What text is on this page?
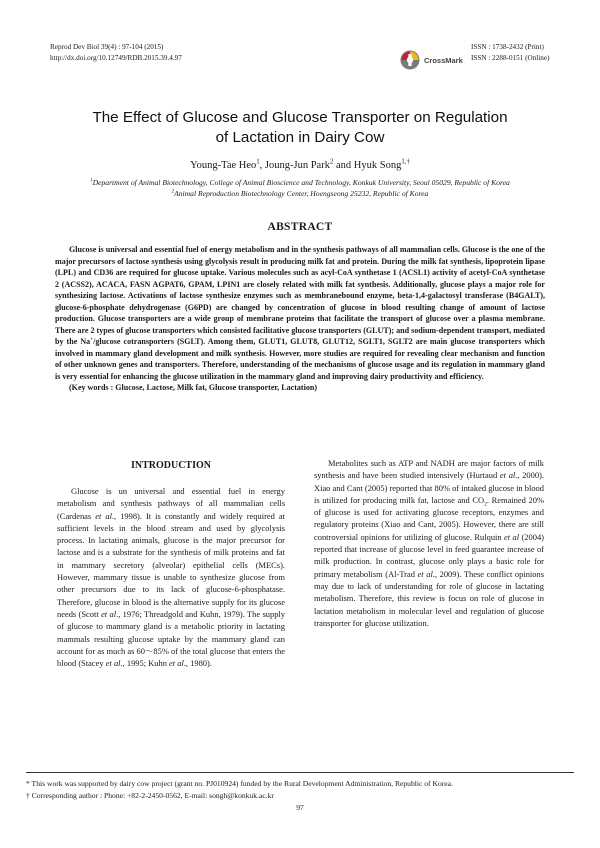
Reprod Dev Biol 39(4) : 97-104 (2015)
http://dx.doi.org/10.12749/RDB.2015.39.4.97	CrossMark
ISSN : 1738-2432 (Print)
ISSN : 2288-0151 (Online)
The Effect of Glucose and Glucose Transporter on Regulation
of Lactation in Dairy Cow
Young-Tae Heo$^1$, Joung-Jun Park$^2$ and Hyuk Song$^{1,\dagger}$
$^1$Department of Animal Biotechnology, College of Animal Bioscience and Technology, Konkuk University, Seoul 05029, Republic of Korea
$^2$Animal Reproduction Biotechnology Center, Hoengseong 25232, Republic of Korea
ABSTRACT

Glucose is universal and essential fuel of energy metabolism and in the synthesis pathways of all mammalian cells. Glucose is the one of the major precursors of lactose synthesis using glycolysis result in producing milk fat and protein. During the milk fat synthesis, lipoprotein lipase (LPL) and CD36 are required for glucose uptake. Various molecules such as acyl-CoA synthetase 1 (ACSL1) activity of acetyl-CoA synthetase 2 (ACSS2), ACACA, FASN AGPAT6, GPAM, LPIN1 are closely related with milk fat synthesis. Additionally, glucose plays a major role for synthesizing lactose. Activations of lactose synthesize enzymes such as membranebound enzyme, beta-1,4-galactosyl transferase (B4GALT), glucose-6-phosphate dehydrogenase (G6PD) are changed by concentration of glucose in blood resulting change of amount of lactose production. Glucose transporters are a wide group of membrane proteins that facilitate the transport of glucose over a plasma membrane. There are 2 types of glucose transporters which consisted facilitative glucose transporters (GLUT); and sodium-dependent transport, mediated by the Na+/glucose cotransporters (SGLT). Among them, GLUT1, GLUT8, GLUT12, SGLT1, SGLT2 are main glucose transporters which involved in mammary gland development and milk synthesis. However, more studies are required for revealing clear mechanism and function of other unknown genes and transporters. Therefore, understanding of the mechanisms of glucose usage and its regulation in mammary gland is very essential for enhancing the glucose utilization in the mammary gland and improving dairy productivity and efficiency.

(Key words : Glucose, Lactose, Milk fat, Glucose transporter, Lactation)

INTRODUCTION

Glucose is un universal and essential fuel in energy metabolism and synthesis pathways of all mammalian cells (Cardenas et al., 1998). It is constantly and widely required at sufficient levels in the blood stream and used by glycolysis process. In lactating animals, glucose is the major precursor for lactose and is a substrate for the synthesis of milk proteins and fat in mammary secretory (alveolar) epithelial cells (MECs). However, mammary tissue is unable to synthesize glucose from other precursors due to its lack of glucose-6-phosphatase. Therefore, glucose in blood is the alternative supply for its glucose needs (Scott et al., 1976; Threadgold and Kuhn, 1979). The supply of glucose to mammary gland is a metabolic priority in lactating mammals resulting glucose uptake by the mammary gland can account for as much as 60～85% of the total glucose that enters the blood (Stacey et al., 1995; Kuhn et al., 1980).

Metabolites such as ATP and NADH are major factors of milk synthesis and have been studied intensively (Hurtaud et al., 2000). Xiao and Cant (2005) reported that 80% of intaked glucose in blood is utilized for producing milk fat, lactose and $CO_2$. Remained 20% of glucose is used for activating glucose receptors, enzymes and regulatory proteins (Xiao and Cant, 2005). However, there are still controversial opinions for utilizing of glucose. Rulquin et al (2004) reported that increase of glucose level in feed guarantee increase of milk production. In contrast, glucose only plays a basic role for primary metabolism (Al-Trad et al., 2009). These conflict opinions may due to lack of understanding for role of glucose in lactating metabolism. Therefore, this review is focus on role of glucose in lactation metabolism in molecular level and regulation of glucose transporter for glucose utilization.

* This work was supported by dairy cow project (grant no. PJ010924) funded by the Rural Development Administration, Republic of Korea.
† Corresponding author : Phone: +82-2-2450-0562, E-mail: songh@konkuk.ac.kr
97
